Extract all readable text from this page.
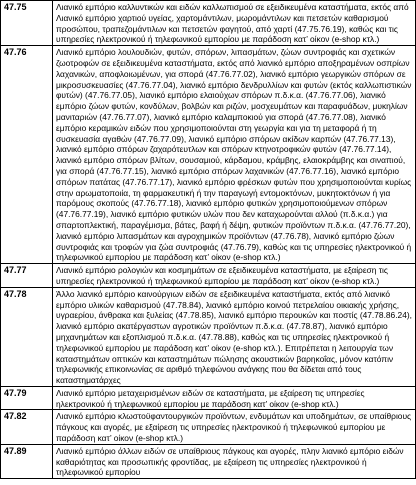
47.75	Λιανικό εμπόριο καλλυντικών και ειδών καλλωπισμού σε εξειδικευμένα καταστήματα, εκτός από Λιανικό εμπόριο χαρτιού υγείας, χαρτομάντιλων, μωρομάντιλων και πετσετών καθαρισμού προσώπου, τραπεζομάντιλων και πετσετών φαγητού, από χαρτί (47.75.76.19), καθώς και τις υπηρεσίες ηλεκτρονικού ή τηλεφωνικού εμπορίου με παράδοση κατ’ οίκον (e-shop κτλ.)
47.76	Λιανικό εμπόριο λουλουδιών, φυτών, σπόρων, λιπασμάτων, ζώων συντροφιάς και σχετικών ζωοτροφών σε εξειδικευμένα καταστήματα, εκτός από λιανικό εμπόριο αποξηραμένων οσπρίων λαχανικών, αποφλοιωμένων, για σπορά (47.76.77.02), λιανικό εμπόριο γεωργικών σπόρων σε μικροσυσκευασίες (47.76.77.04), λιανικό εμπόριο δενδρυλλίων και φυτών (εκτός καλλωπιστικών φυτών) (47.76.77.05), λιανικό εμπόριο ελαιούχων σπόρων π.δ.κ.α. (47.76.77.06), λιανικό εμπόριο ζώων φυτών, κονδύλων, βολβών και ριζών, μοσχευμάτων και παραφυάδων, μυκηλίων μανιταριών (47.76.77.07), λιανικό εμπόριο καλαμποκιού για σπορά (47.76.77.08), λιανικό εμπόριο κεραμικών ειδών που χρησιμοποιούνται στη γεωργία και για τη μεταφορά ή τη συσκευασία αγαθών (47.76.77.09), λιανικό εμπόριο σπόρων ακίδων καρπών (47.76.77.13), λιανικό εμπόριο σπόρων ζαχαρότευτλων και σπόρων κτηνοτροφικών φυτών (47.76.77.14), λιανικό εμπόριο σπόρων βλίτων, σουσαμιού, κάρδαμου, κράμβης, ελαιοκράμβης και σιναπιού, για σπορά (47.76.77.15), λιανικό εμπόριο σπόρων λαχανικών (47.76.77.16), λιανικό εμπόριο σπόρων πατάτας (47.76.77.17), λιανικό εμπόριο φρέσκων φυτών που χρησιμοποιούνται κυρίως στην αρωματοποιία, τη φαρμακευτική ή την παραγωγή εντομοκτόνων, μυκητοκτόνων ή για παρόμους σκοπούς (47.76.77.18), λιανικό εμπόριο φυτικών χρησιμοποιούμενων σπόρων (47.76.77.19), λιανικό εμπόριο φυτικών υλών που δεν καταχωρούνται αλλού (π.δ.κ.α.) για σπαρτοπλεκτική, παραγέμισμα, βάτες, βαφή ή δέψη, φυτικών προϊόντων π.δ.κ.α. (47.76.77.20), λιανικό εμπόριο λιπασμάτων και αγροχημικών προϊόντων (47.76.78), λιανικό εμπόριο ζώων συντροφιάς και τροφών για ζώα συντροφιάς (47.76.79), καθώς και τις υπηρεσίες ηλεκτρονικού ή τηλεφωνικού εμπορίου με παράδοση κατ’ οίκον (e-shop κτλ.)
47.77	Λιανικό εμπόριο ρολογιών και κοσμημάτων σε εξειδικευμένα καταστήματα, με εξαίρεση τις υπηρεσίες ηλεκτρονικού ή τηλεφωνικού εμπορίου με παράδοση κατ’ οίκον (e-shop κτλ.)
47.78	Άλλο λιανικό εμπόριο καινούργιων ειδών σε εξειδικευμένα καταστήματα, εκτός από λιανικό εμπόριο υλικών καθαρισμού (47.78.84), λιανικό εμπόριο κοινού πετρελαίου οικιακής χρήσης, υγραερίου, άνθρακα και ξυλείας (47.78.85), λιανικό εμπόριο περουκών και ποστίς (47.78.86.24), λιανικό εμπόριο ακατέργαστων αγροτικών προϊόντων π.δ.κ.α. (47.78.87), λιανικό εμπόριο μηχανημάτων και εξοπλισμού π.δ.κ.α. (47.78.88), καθώς και τις υπηρεσίες ηλεκτρονικού ή τηλεφωνικού εμπορίου με παράδοση κατ’ οίκον (e-shop κτλ.). Επιτρέπεται η λειτουργία των καταστημάτων οπτικών και καταστημάτων πώλησης ακουστικών βαρηκοΐας, μόνον κατόπιν τηλεφωνικής επικοινωνίας σε αριθμό τηλεφώνου ανάγκης που θα δίδεται από τους καταστηματάρχες
47.79	Λιανικό εμπόριο μεταχειρισμένων ειδών σε καταστήματα, με εξαίρεση τις υπηρεσίες ηλεκτρονικού ή τηλεφωνικού εμπορίου με παράδοση κατ’ οίκον (e-shop κτλ.)
47.82	Λιανικό εμπόριο κλωστοϋφαντουργικών προϊόντων, ενδυμάτων και υποδημάτων, σε υπαίθριους πάγκους και αγορές, με εξαίρεση τις υπηρεσίες ηλεκτρονικού ή τηλεφωνικού εμπορίου με παράδοση κατ’ οίκον (e-shop κτλ.)
47.89	Λιανικό εμπόριο άλλων ειδών σε υπαίθριους πάγκους και αγορές, πλην λιανικό εμπόριο ειδών καθαριότητας και προσωπικής φροντίδας, με εξαίρεση τις υπηρεσίες ηλεκτρονικού ή τηλεφωνικού εμπορίου
